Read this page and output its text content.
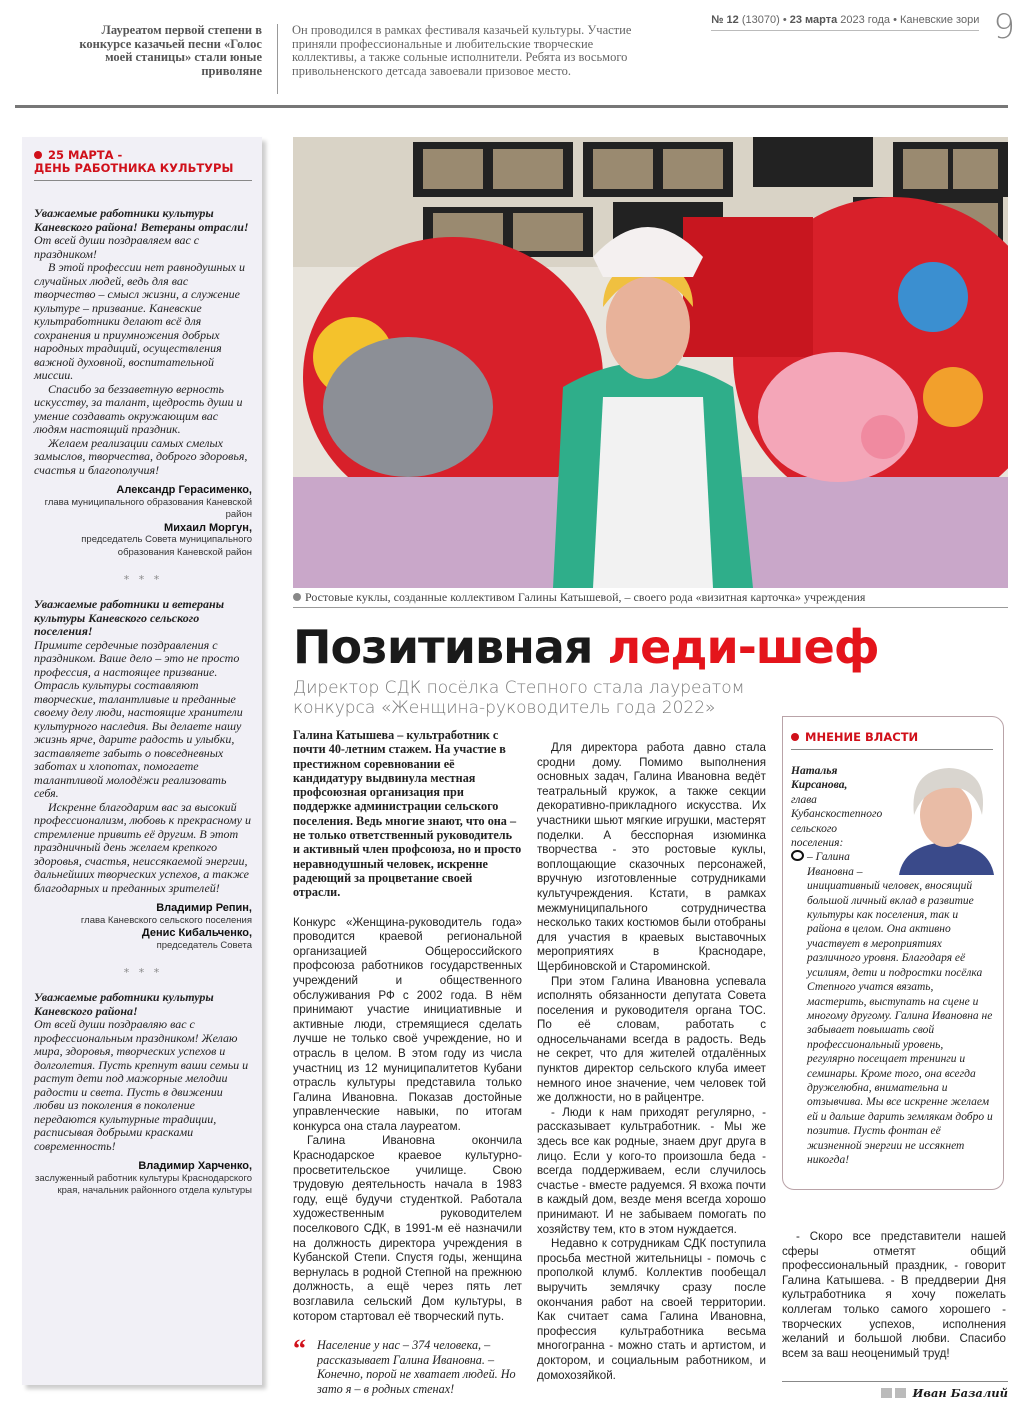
Лауреатом первой степени в конкурсе казачьей песни «Голос моей станицы» стали юные приволяне
Он проводился в рамках фестиваля казачьей культуры. Участие приняли профессиональные и любительские творческие коллективы, а также сольные исполнители. Ребята из восьмого привольненского детсада завоевали призовое место.
№ 12 (13070) • 23 марта 2023 года • Каневские зори 9
25 МАРТА -
ДЕНЬ РАБОТНИКА КУЛЬТУРЫ

Уважаемые работники культуры Каневского района! Ветераны отрасли!

От всей души поздравляем вас с праздником!

В этой профессии нет равнодушных и случайных людей, ведь для вас творчество – смысл жизни, а служение культуре – призвание. Каневские культработники делают всё для сохранения и приумножения добрых народных традиций, осуществления важной духовной, воспитательной миссии.

Спасибо за беззаветную верность искусству, за талант, щедрость души и умение создавать окружающим вас людям настоящий праздник.

Желаем реализации самых смелых замыслов, творчества, доброго здоровья, счастья и благополучия!

Александр Герасименко,
глава муниципального образования Каневской район
Михаил Моргун,
председатель Совета муниципального образования Каневской район
* * *

Уважаемые работники и ветераны культуры Каневского сельского поселения!

Примите сердечные поздравления с праздником. Ваше дело – это не просто профессия, а настоящее призвание. Отрасль культуры составляют творческие, талантливые и преданные своему делу люди, настоящие хранители культурного наследия. Вы делаете нашу жизнь ярче, дарите радость и улыбки, заставляете забыть о повседневных заботах и хлопотах, помогаете талантливой молодёжи реализовать себя.

Искренне благодарим вас за высокий профессионализм, любовь к прекрасному и стремление привить её другим. В этот праздничный день желаем крепкого здоровья, счастья, неиссякаемой энергии, дальнейших творческих успехов, а также благодарных и преданных зрителей!

Владимир Репин,
глава Каневского сельского поселения
Денис Кибальченко,
председатель Совета
* * *

Уважаемые работники культуры Каневского района!

От всей души поздравляю вас с профессиональным праздником! Желаю мира, здоровья, творческих успехов и долголетия. Пусть крепнут ваши семьи и растут дети под мажорные мелодии радости и света. Пусть в движении любви из поколения в поколение передаются культурные традиции, расписывая добрыми красками современность!

Владимир Харченко,
заслуженный работник культуры Краснодарского края, начальник районного отдела культуры
Ростовые куклы, созданные коллективом Галины Катышевой, – своего рода «визитная карточка» учреждения
Позитивная леди-шеф
Директор СДК посёлка Степного стала лауреатом конкурса «Женщина-руководитель года 2022»
Галина Катышева – культработник с почти 40-летним стажем. На участие в престижном соревновании её кандидатуру выдвинула местная профсоюзная организация при поддержке администрации сельского поселения. Ведь многие знают, что она – не только ответственный руководитель и активный член профсоюза, но и просто неравнодушный человек, искренне радеющий за процветание своей отрасли.

Конкурс «Женщина-руководитель года» проводится краевой региональной организацией Общероссийского профсоюза работников государственных учреждений и общественного обслуживания РФ с 2002 года. В нём принимают участие инициативные и активные люди, стремящиеся сделать лучше не только своё учреждение, но и отрасль в целом. В этом году из числа участниц из 12 муниципалитетов Кубани отрасль культуры представила только Галина Ивановна. Показав достойные управленческие навыки, по итогам конкурса она стала лауреатом.

Галина Ивановна окончила Краснодарское краевое культурно-просветительское училище. Свою трудовую деятельность начала в 1983 году, ещё будучи студенткой. Работала художественным руководителем поселкового СДК, в 1991-м её назначили на должность директора учреждения в Кубанской Степи. Спустя годы, женщина вернулась в родной Степной на прежнюю должность, а ещё через пять лет возглавила сельский Дом культуры, в котором стартовал её творческий путь.

“ Население у нас – 374 человека, – рассказывает Галина Ивановна. – Конечно, порой не хватает людей. Но зато я – в родных стенах!

Для директора работа давно стала сродни дому. Помимо выполнения основных задач, Галина Ивановна ведёт театральный кружок, а также секции декоративно-прикладного искусства. Их участники шьют мягкие игрушки, мастерят поделки. А бесспорная изюминка творчества - это ростовые куклы, воплощающие сказочных персонажей, вручную изготовленные сотрудниками культучреждения. Кстати, в рамках межмуниципального сотрудничества несколько таких костюмов были отобраны для участия в краевых выставочных мероприятиях в Краснодаре, Щербиновской и Староминской.

При этом Галина Ивановна успевала исполнять обязанности депутата Совета поселения и руководителя органа ТОС. По её словам, работать с односельчанами всегда в радость. Ведь не секрет, что для жителей отдалённых пунктов директор сельского клуба имеет немного иное значение, чем человек той же должности, но в райцентре.

- Люди к нам приходят регулярно, - рассказывает культработник. - Мы же здесь все как родные, знаем друг друга в лицо. Если у кого-то произошла беда - всегда поддерживаем, если случилось счастье - вместе радуемся. Я вхожа почти в каждый дом, везде меня всегда хорошо принимают. И не забываем помогать по хозяйству тем, кто в этом нуждается.

Недавно к сотрудникам СДК поступила просьба местной жительницы - помочь с прополкой клумб. Коллектив пообещал выручить землячку сразу после окончания работ на своей территории. Как считает сама Галина Ивановна, профессия культработника весьма многогранна - можно стать и артистом, и доктором, и социальным работником, и домохозяйкой.

МНЕНИЕ ВЛАСТИ
Наталья Кирсанова,
глава Кубанскостепного сельского поселения:
– Галина Ивановна – инициативный человек, вносящий большой личный вклад в развитие культуры как поселения, так и района в целом. Она активно участвует в мероприятиях различного уровня. Благодаря её усилиям, дети и подростки посёлка Степного учатся вязать, мастерить, выступать на сцене и многому другому. Галина Ивановна не забывает повышать свой профессиональный уровень, регулярно посещает тренинги и семинары. Кроме того, она всегда дружелюбна, внимательна и отзывчива. Мы все искренне желаем ей и дальше дарить землякам добро и позитив. Пусть фонтан её жизненной энергии не иссякнет никогда!

- Скоро все представители нашей сферы отметят общий профессиональный праздник, - говорит Галина Катышева. - В преддверии Дня культработника я хочу пожелать коллегам только самого хорошего - творческих успехов, исполнения желаний и большой любви. Спасибо всем за ваш неоценимый труд!

Иван Базалий
